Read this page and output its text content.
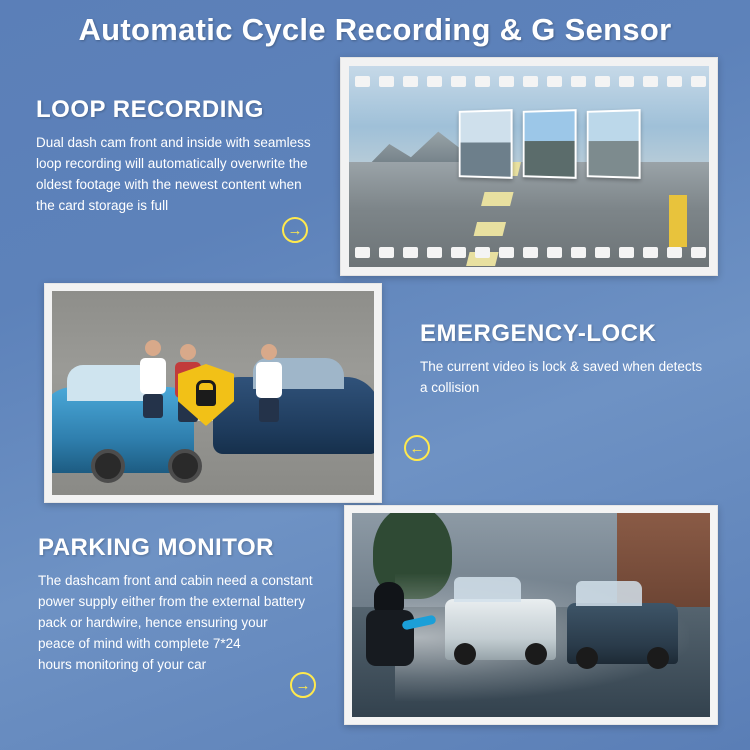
Automatic Cycle Recording & G Sensor
LOOP RECORDING
Dual dash cam front and inside with seamless
loop recording will automatically overwrite the
oldest footage with the newest content when
the card storage is full
→
EMERGENCY-LOCK
The current video is lock & saved when detects
a collision
←
PARKING MONITOR
The dashcam front and cabin need a constant
power supply either from the external battery
pack or hardwire, hence ensuring your
peace of mind with complete 7*24
hours monitoring of your car
→
